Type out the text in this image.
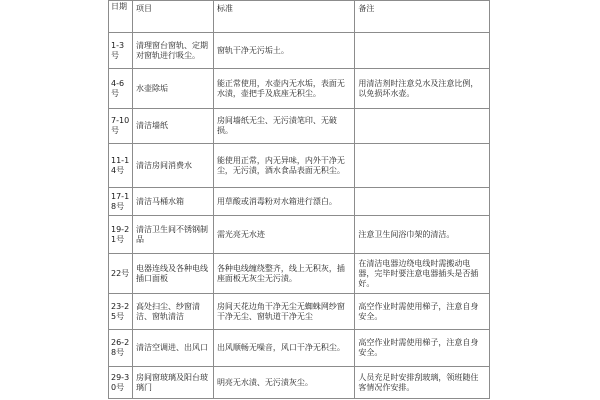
日期	项目	标准	备注
1-3号	清理窗台窗轨、定期对窗轨进行吸尘。	窗轨干净无污垢土。	
4-6号	水壶除垢	能正常使用，水壶内无水垢，表面无水渍，壶把手及底座无积尘。	用清洁剂时注意兑水及注意比例，以免损坏水壶。
7-10号	清洁墙纸	房间墙纸无尘、无污渍笔印、无破损。	
11-14号	清洁房间消费水	能使用正常，内无异味，内外干净无尘，无污渍，酒水食品表面无积尘。	
17-18号	清洁马桶水箱	用草酸或消毒粉对水箱进行漂白。	
19-21号	清洁卫生间不锈钢制品	需光亮无水迹	注意卫生间浴巾架的清洁。
22号	电器连线及各种电线插口面板	各种电线缠绕整齐，线上无积灰，插座面板无灰尘无污渍。	在清洁电器边绕电线时需搬动电器，完毕时要注意电器插头是否插好。
23-25号	高处扫尘、纱窗清洁、窗轨清洁	房间天花边角干净无尘无蜘蛛网纱窗干净无尘、窗轨道干净无尘	高空作业时需使用梯子，注意自身安全。
26-28号	清洁空调进、出风口	出风顺畅无噪音，风口干净无积尘。	高空作业时需使用梯子，注意自身安全。
29-30号	房间窗玻璃及阳台玻璃门	明亮无水渍、无污渍灰尘。	人员充足时安排刮玻璃，领班随住客情况作安排。
